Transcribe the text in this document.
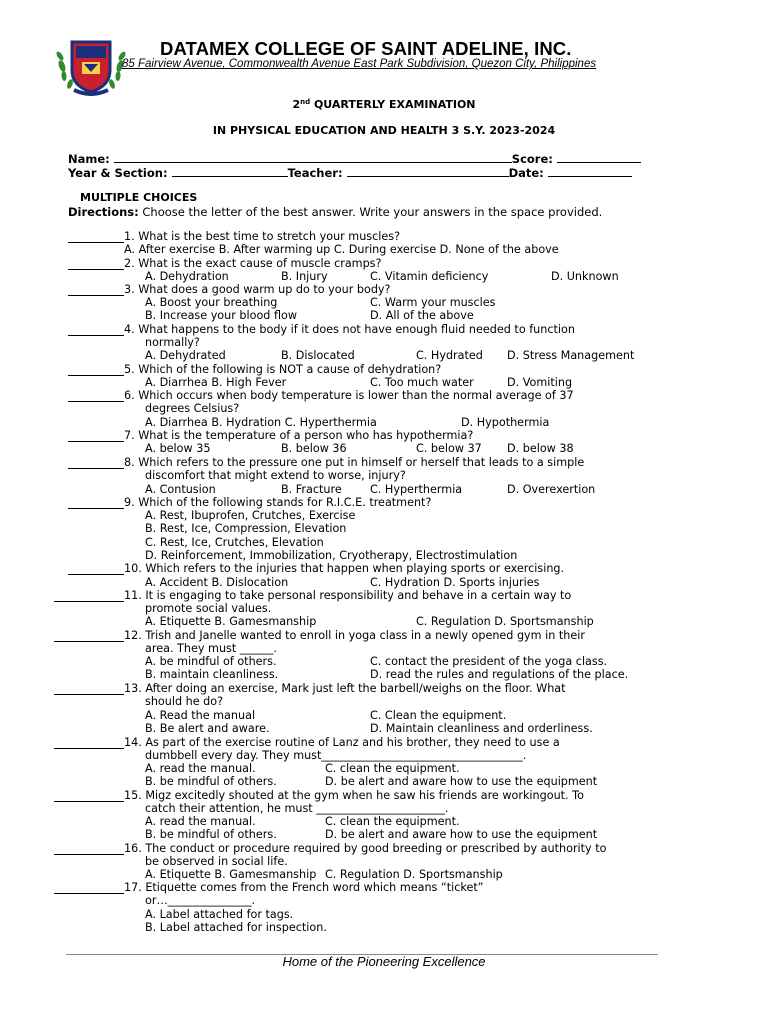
DATAMEX COLLEGE OF SAINT ADELINE, INC.
85 Fairview Avenue, Commonwealth Avenue East Park Subdivision, Quezon City, Philippines
2nd QUARTERLY EXAMINATION
IN PHYSICAL EDUCATION AND HEALTH 3 S.Y. 2023-2024
Name:	Score:
Year & Section:	Teacher:	Date:
MULTIPLE CHOICES
Directions: Choose the letter of the best answer. Write your answers in the space provided.
1. What is the best time to stretch your muscles?
A. After exercise B. After warming up C. During exercise D. None of the above
2. What is the exact cause of muscle cramps?
A. Dehydration	B. Injury	C. Vitamin deficiency	D. Unknown
3. What does a good warm up do to your body?
A. Boost your breathing	C. Warm your muscles
B. Increase your blood flow	D. All of the above
4. What happens to the body if it does not have enough fluid needed to function
normally?
A. Dehydrated	B. Dislocated	C. Hydrated D. Stress Management
5. Which of the following is NOT a cause of dehydration?
A. Diarrhea B. High Fever	C. Too much water	D. Vomiting
6. Which occurs when body temperature is lower than the normal average of 37
degrees Celsius?
A. Diarrhea B. Hydration C. Hyperthermia	D. Hypothermia
7. What is the temperature of a person who has hypothermia?
A. below 35	B. below 36	C. below 37 D. below 38
8. Which refers to the pressure one put in himself or herself that leads to a simple
discomfort that might extend to worse, injury?
A. Contusion	B. Fracture	C. Hyperthermia	D. Overexertion
9. Which of the following stands for R.I.C.E. treatment?
A. Rest, Ibuprofen, Crutches, Exercise
B. Rest, Ice, Compression, Elevation
C. Rest, Ice, Crutches, Elevation
D. Reinforcement, Immobilization, Cryotherapy, Electrostimulation
10. Which refers to the injuries that happen when playing sports or exercising.
A. Accident B. Dislocation	C. Hydration D. Sports injuries
11. It is engaging to take personal responsibility and behave in a certain way to
promote social values.
A. Etiquette B. Gamesmanship	C. Regulation D. Sportsmanship
12. Trish and Janelle wanted to enroll in yoga class in a newly opened gym in their
area. They must ______.
A. be mindful of others.	C. contact the president of the yoga class.
B. maintain cleanliness.	D. read the rules and regulations of the place.
13. After doing an exercise, Mark just left the barbell/weighs on the floor. What
should he do?
A. Read the manual	C. Clean the equipment.
B. Be alert and aware.	D. Maintain cleanliness and orderliness.
14. As part of the exercise routine of Lanz and his brother, they need to use a
dumbbell every day. They must____________________________________.
A. read the manual.	C. clean the equipment.
B. be mindful of others.	D. be alert and aware how to use the equipment
15. Migz excitedly shouted at the gym when he saw his friends are workingout. To
catch their attention, he must _______________________.
A. read the manual.	C. clean the equipment.
B. be mindful of others.	D. be alert and aware how to use the equipment
16. The conduct or procedure required by good breeding or prescribed by authority to
be observed in social life.
A. Etiquette B. Gamesmanship C. Regulation D. Sportsmanship
17. Etiquette comes from the French word which means “ticket”
or…_______________.
A. Label attached for tags.
B. Label attached for inspection.
Home of the Pioneering Excellence
